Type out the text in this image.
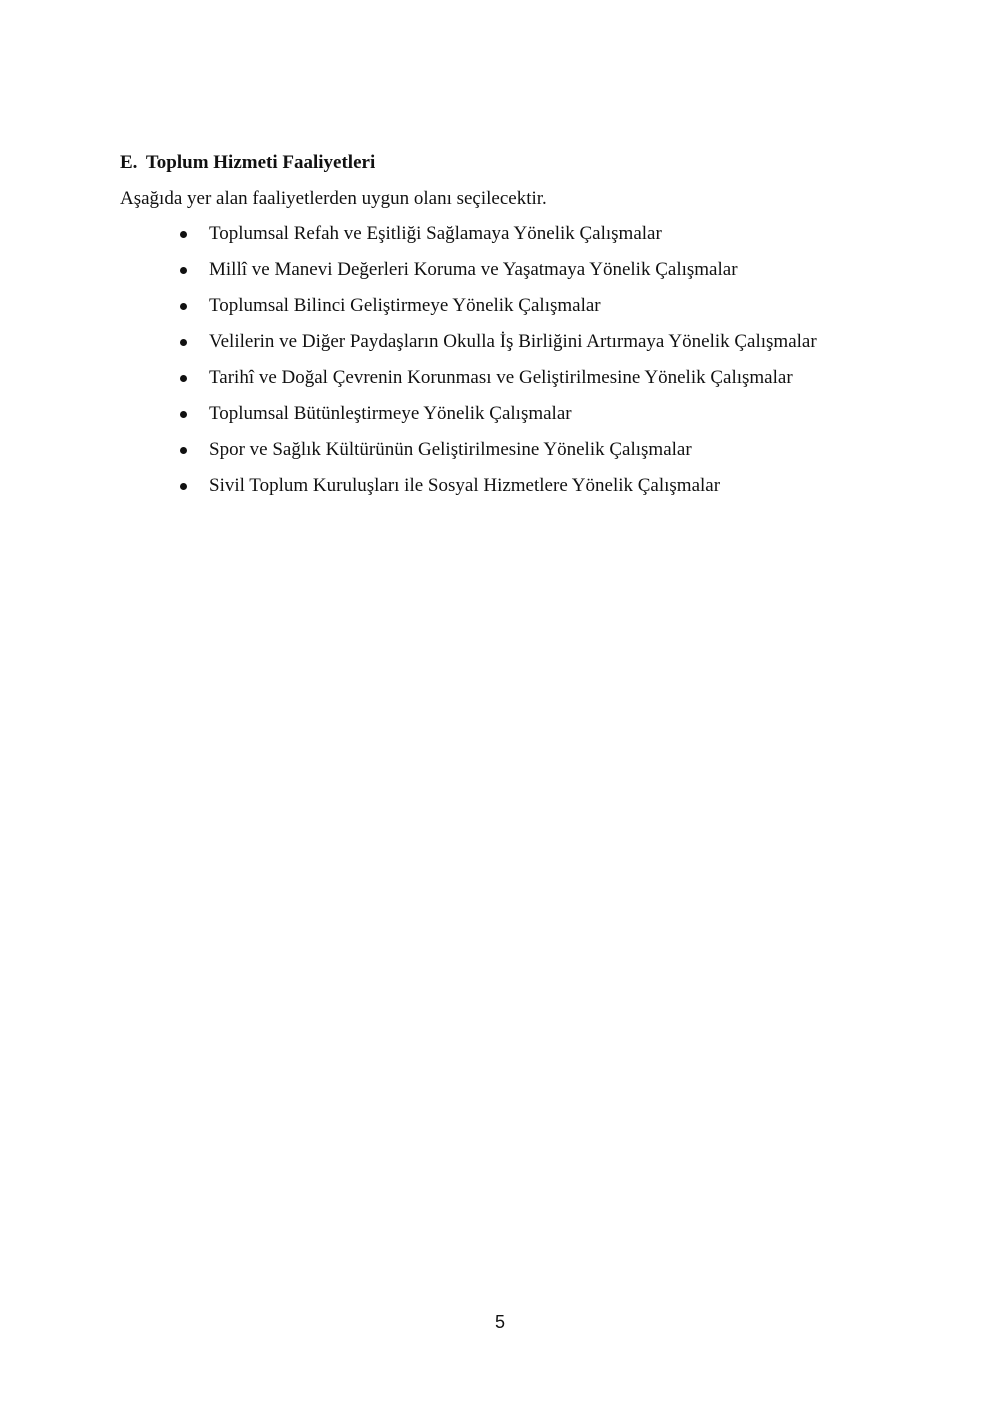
E. Toplum Hizmeti Faaliyetleri

Aşağıda yer alan faaliyetlerden uygun olanı seçilecektir.

Toplumsal Refah ve Eşitliği Sağlamaya Yönelik Çalışmalar
Millî ve Manevi Değerleri Koruma ve Yaşatmaya Yönelik Çalışmalar
Toplumsal Bilinci Geliştirmeye Yönelik Çalışmalar
Velilerin ve Diğer Paydaşların Okulla İş Birliğini Artırmaya Yönelik Çalışmalar
Tarihî ve Doğal Çevrenin Korunması ve Geliştirilmesine Yönelik Çalışmalar
Toplumsal Bütünleştirmeye Yönelik Çalışmalar
Spor ve Sağlık Kültürünün Geliştirilmesine Yönelik Çalışmalar
Sivil Toplum Kuruluşları ile Sosyal Hizmetlere Yönelik Çalışmalar
5
